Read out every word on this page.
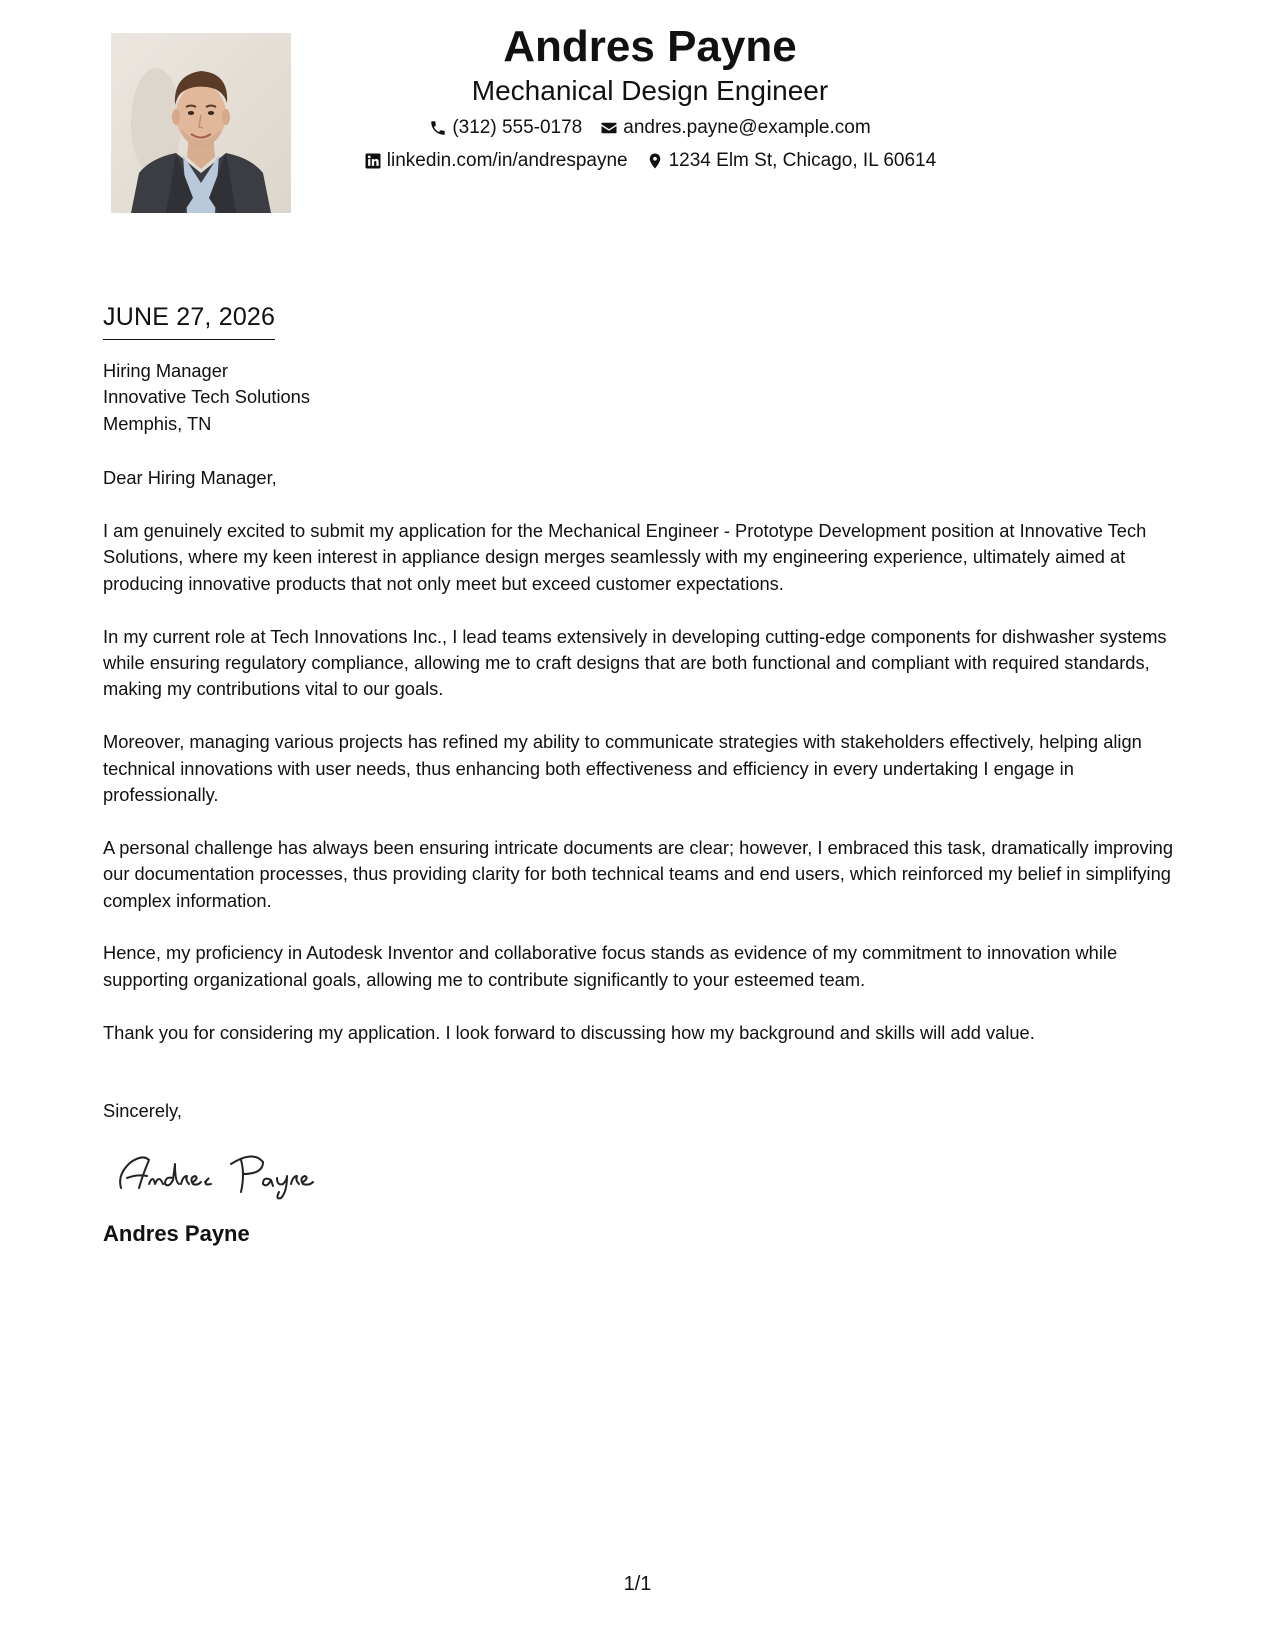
Andres Payne
Mechanical Design Engineer
(312) 555-0178 andres.payne@example.com
linkedin.com/in/andrespayne 1234 Elm St, Chicago, IL 60614
JUNE 27, 2026
Hiring Manager
Innovative Tech Solutions
Memphis, TN
Dear Hiring Manager,
I am genuinely excited to submit my application for the Mechanical Engineer - Prototype Development position at Innovative Tech Solutions, where my keen interest in appliance design merges seamlessly with my engineering experience, ultimately aimed at producing innovative products that not only meet but exceed customer expectations.
In my current role at Tech Innovations Inc., I lead teams extensively in developing cutting-edge components for dishwasher systems while ensuring regulatory compliance, allowing me to craft designs that are both functional and compliant with required standards, making my contributions vital to our goals.
Moreover, managing various projects has refined my ability to communicate strategies with stakeholders effectively, helping align technical innovations with user needs, thus enhancing both effectiveness and efficiency in every undertaking I engage in professionally.
A personal challenge has always been ensuring intricate documents are clear; however, I embraced this task, dramatically improving our documentation processes, thus providing clarity for both technical teams and end users, which reinforced my belief in simplifying complex information.
Hence, my proficiency in Autodesk Inventor and collaborative focus stands as evidence of my commitment to innovation while supporting organizational goals, allowing me to contribute significantly to your esteemed team.
Thank you for considering my application. I look forward to discussing how my background and skills will add value.
Sincerely,
Andres Payne
1/1
